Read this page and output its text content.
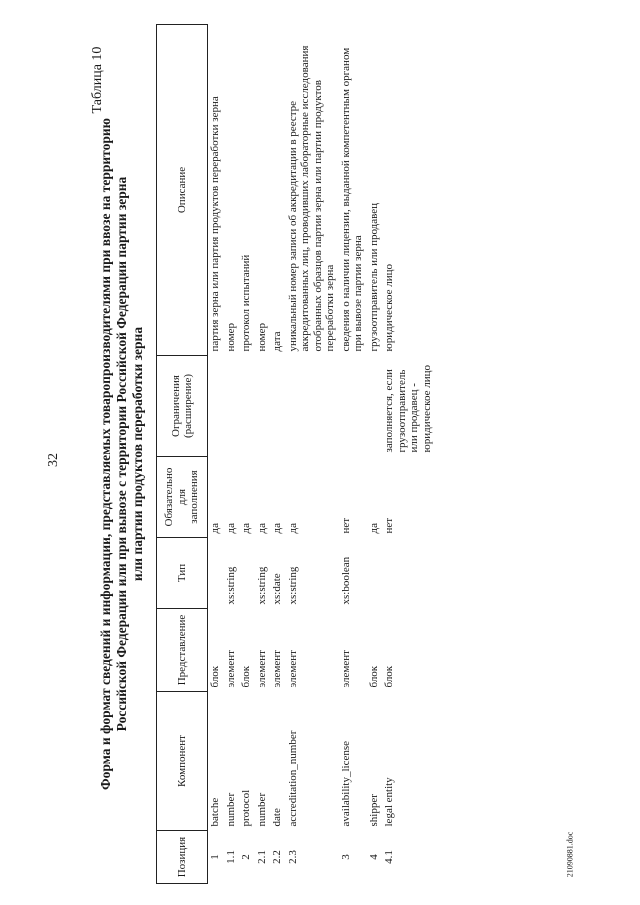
32
Таблица 10
21090881.doc
Форма и формат сведений и информации, представляемых товаропроизводителями при ввозе на территорию Российской Федерации или при вывозе с территории Российской Федерации партии зерна или партии продуктов переработки зерна
Позиция	Компонент	Представление	Тип	Обязательно для заполнения	Ограничения (расширение)	Описание
1	batche	блок		да		партия зерна или партия продуктов переработки зерна
1.1	number	элемент	xs:string	да		номер
2	protocol	блок		да		протокол испытаний
2.1	number	элемент	xs:string	да		номер
2.2	date	элемент	xs:date	да		дата
2.3	accreditation_number	элемент	xs:string	да		уникальный номер записи об аккредитации в реестре аккредитованных лиц, проводивших лабораторные исследования отобранных образцов партии зерна или партии продуктов переработки зерна
3	availability_license	элемент	xs:boolean	нет		сведения о наличии лицензии, выданной компетентным органом при вывозе партии зерна
4	shipper	блок		да		грузоотправитель или продавец
4.1	legal entity	блок		нет	заполняется, если грузоотправитель или продавец - юридическое лицо	юридическое лицо
